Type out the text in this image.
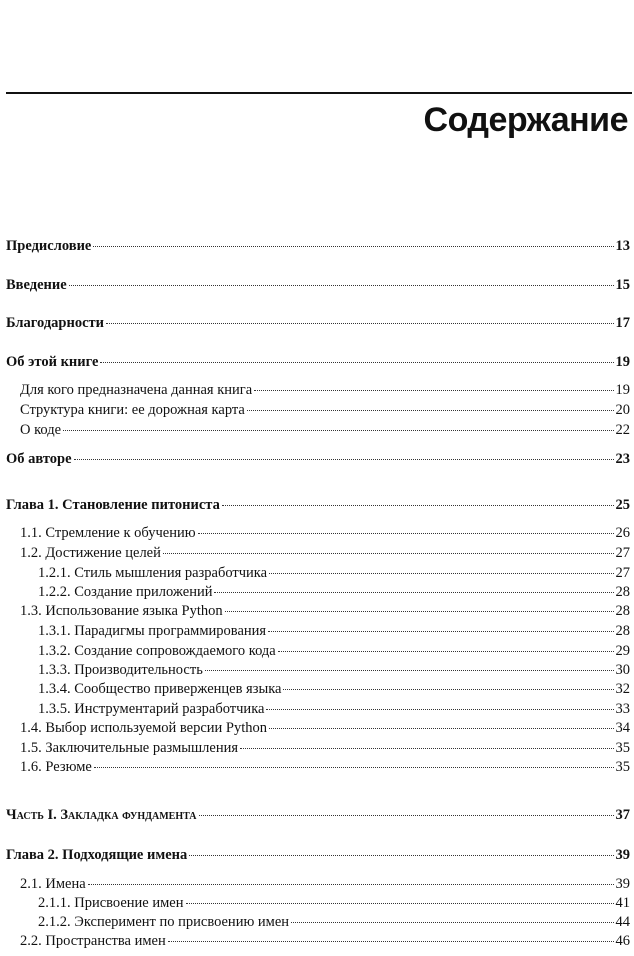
Содержание
Предисловие	13
Введение	15
Благодарности	17
Об этой книге	19
Для кого предназначена данная книга	19
Структура книги: ее дорожная карта	20
О коде	22
Об авторе	23
Глава 1. Становление питониста	25
1.1. Стремление к обучению	26
1.2. Достижение целей	27
1.2.1. Стиль мышления разработчика	27
1.2.2. Создание приложений	28
1.3. Использование языка Python	28
1.3.1. Парадигмы программирования	28
1.3.2. Создание сопровождаемого кода	29
1.3.3. Производительность	30
1.3.4. Сообщество приверженцев языка	32
1.3.5. Инструментарий разработчика	33
1.4. Выбор используемой версии Python	34
1.5. Заключительные размышления	35
1.6. Резюме	35
Часть I. Закладка фундамента	37
Глава 2. Подходящие имена	39
2.1. Имена	39
2.1.1. Присвоение имен	41
2.1.2. Эксперимент по присвоению имен	44
2.2. Пространства имен	46
